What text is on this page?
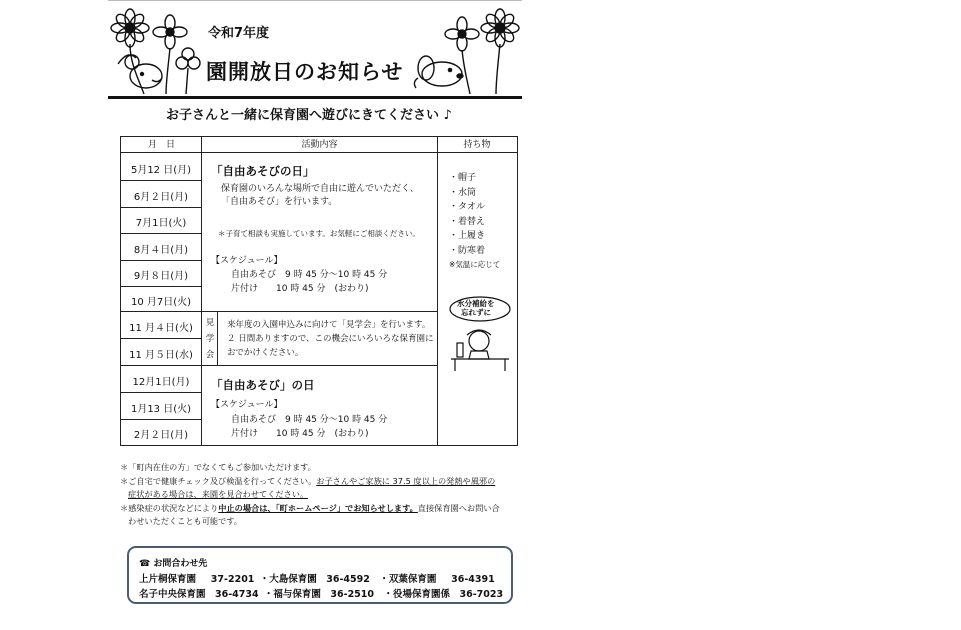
令和7年度
園開放日のお知らせ
お子さんと一緒に保育園へ遊びにきてください ♪
月　日	活動内容	持ち物
5月12 日(月)
6月２日(月)
7月1日(火)
8月４日(月)
9月８日(月)
10 月7日(火)
11 月４日(火)
11 月５日(水)
12月1日(月)
1月13 日(火)
2月２日(月)
「自由あそびの日」
保育園のいろんな場所で自由に遊んでいただく、
「自由あそび」を行います。
＊子育て相談も実施しています。お気軽にご相談ください。
【スケジュール】
自由あそび　9 時 45 分～10 時 45 分
片付け　　10 時 45 分　(おわり)
見
学
会
来年度の入園申込みに向けて「見学会」を行います。
２ 日間ありますので、この機会にいろいろな保育園に
おでかけください。
「自由あそび」の日
【スケジュール】
自由あそび　9 時 45 分～10 時 45 分
片付け　　10 時 45 分　(おわり)
・帽子
・水筒
・タオル
・着替え
・上履き
・防寒着
※気温に応じて
水分補給を
忘れずに

＊「町内在住の方」でなくてもご参加いただけます。

＊ご自宅で健康チェック及び検温を行ってください。お子さんやご家族に 37.5 度以上の発熱や風邪の

症状がある場合は、来園を見合わせてください。

＊感染症の状況などにより中止の場合は、「町ホームページ」でお知らせします。直接保育園へお問い合

わせいただくことも可能です。

☎ お問合わせ先
上片桐保育園　 37-2201 ・大島保育園　36-4592　・双葉保育園　 36-4391
名子中央保育園　36-4734 ・福与保育園　36-2510　・役場保育園係　36-7023
